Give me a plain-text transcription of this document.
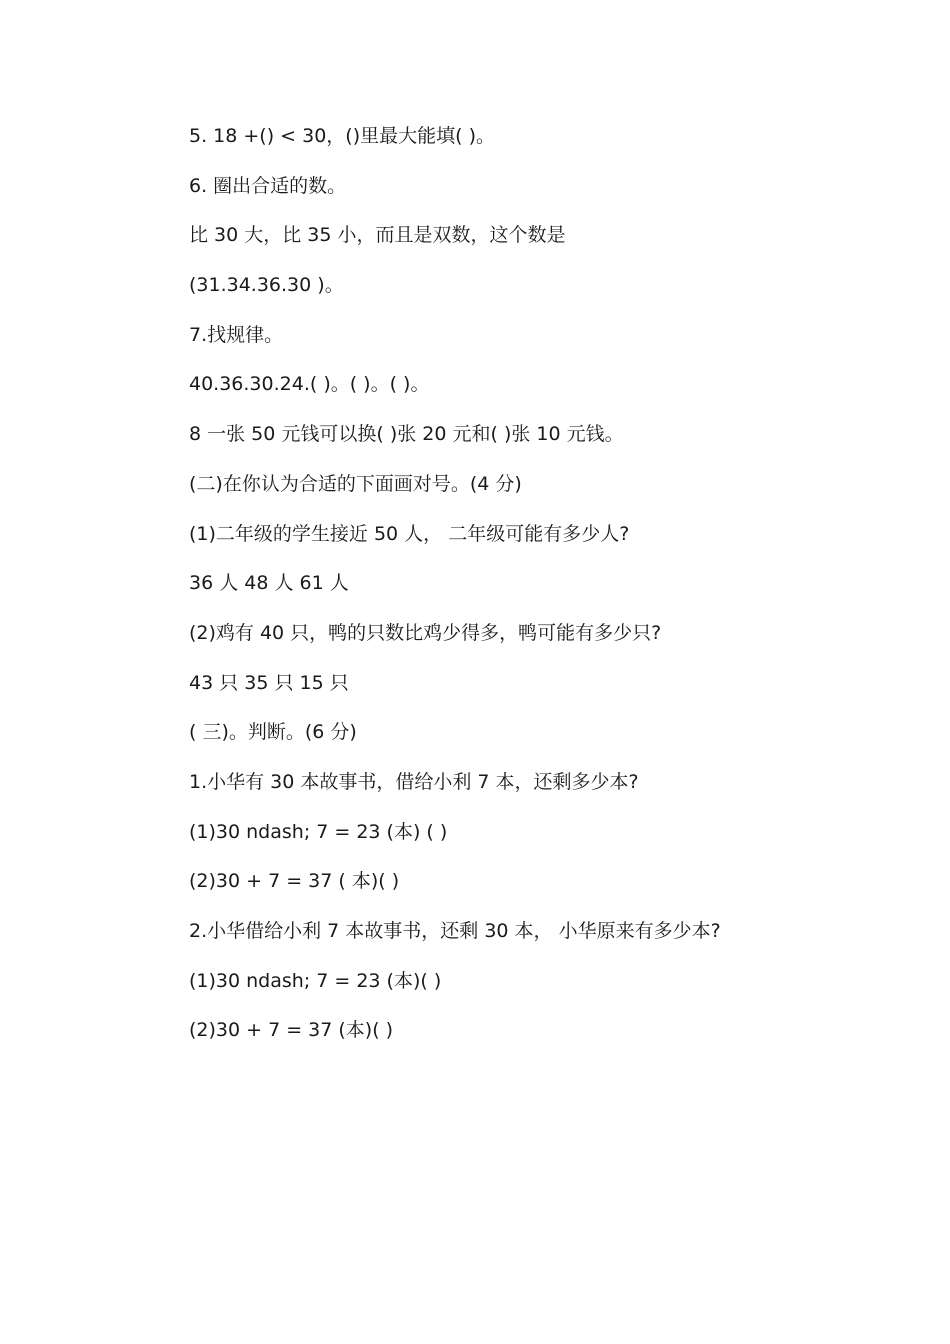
5. 18 +() < 30，()里最大能填( )。
6. 圈出合适的数。
比 30 大，比 35 小，而且是双数，这个数是
(31.34.36.30 )。
7.找规律。
40.36.30.24.( )。( )。( )。
8 一张 50 元钱可以换( )张 20 元和( )张 10 元钱。
(二)在你认为合适的下面画对号。(4 分)
(1)二年级的学生接近 50 人， 二年级可能有多少人?
36 人 48 人 61 人
(2)鸡有 40 只，鸭的只数比鸡少得多，鸭可能有多少只?
43 只 35 只 15 只
( 三)。判断。(6 分)
1.小华有 30 本故事书，借给小利 7 本，还剩多少本?
(1)30 ndash; 7 = 23 (本) ( )
(2)30 + 7 = 37 ( 本)( )
2.小华借给小利 7 本故事书，还剩 30 本， 小华原来有多少本?
(1)30 ndash; 7 = 23 (本)( )
(2)30 + 7 = 37 (本)( )
